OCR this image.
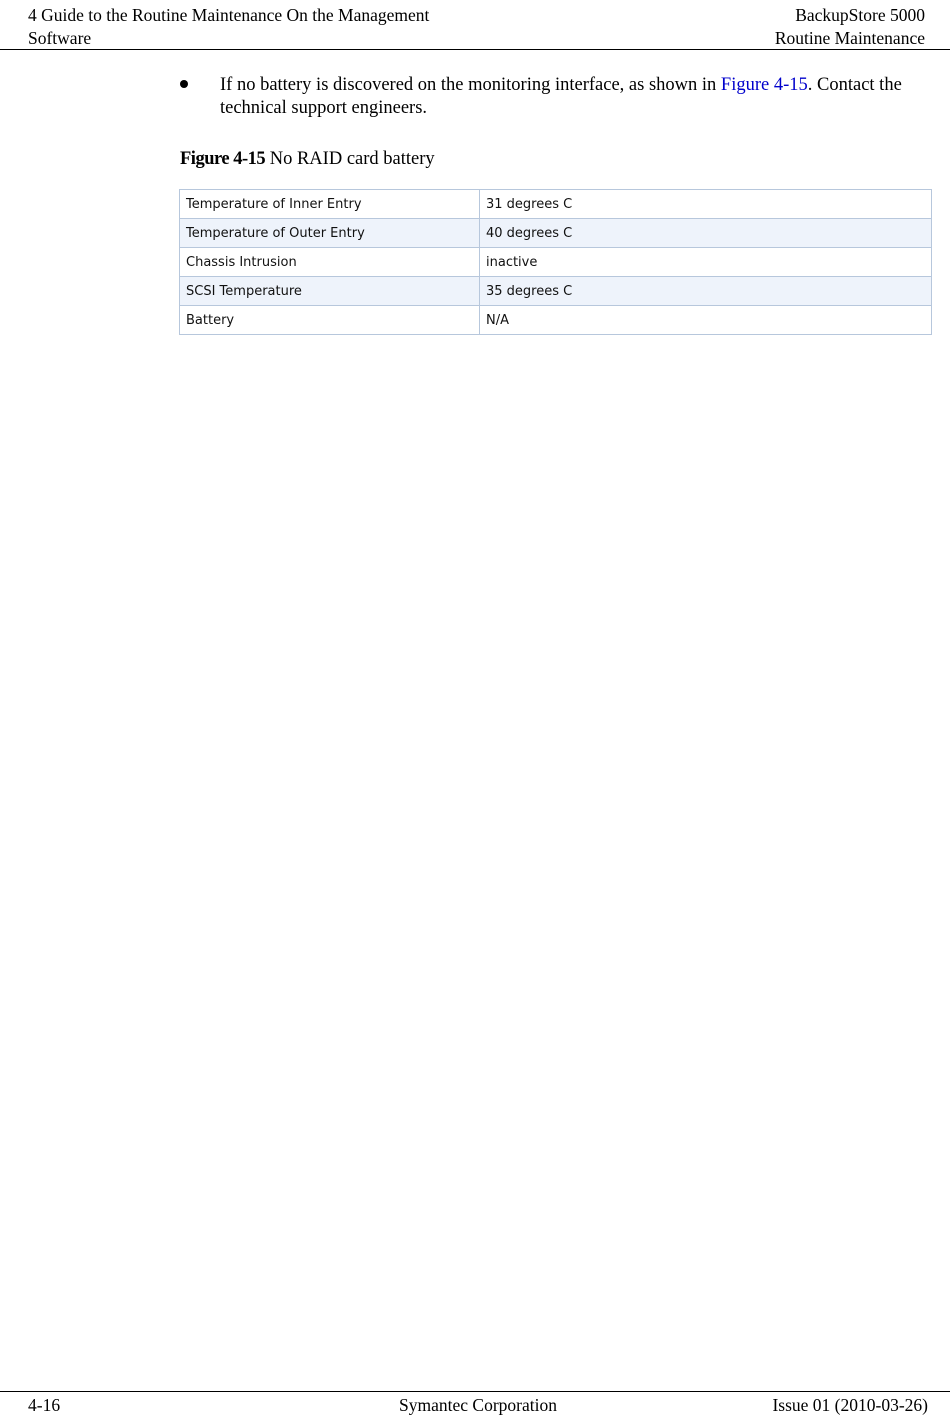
4 Guide to the Routine Maintenance On the Management
Software
BackupStore 5000
Routine Maintenance
If no battery is discovered on the monitoring interface, as shown in Figure 4-15. Contact the technical support engineers.
Figure 4-15 No RAID card battery
Temperature of Inner Entry	31 degrees C
Temperature of Outer Entry	40 degrees C
Chassis Intrusion	inactive
SCSI Temperature	35 degrees C
Battery	N/A
4-16	Symantec Corporation	Issue 01 (2010-03-26)
